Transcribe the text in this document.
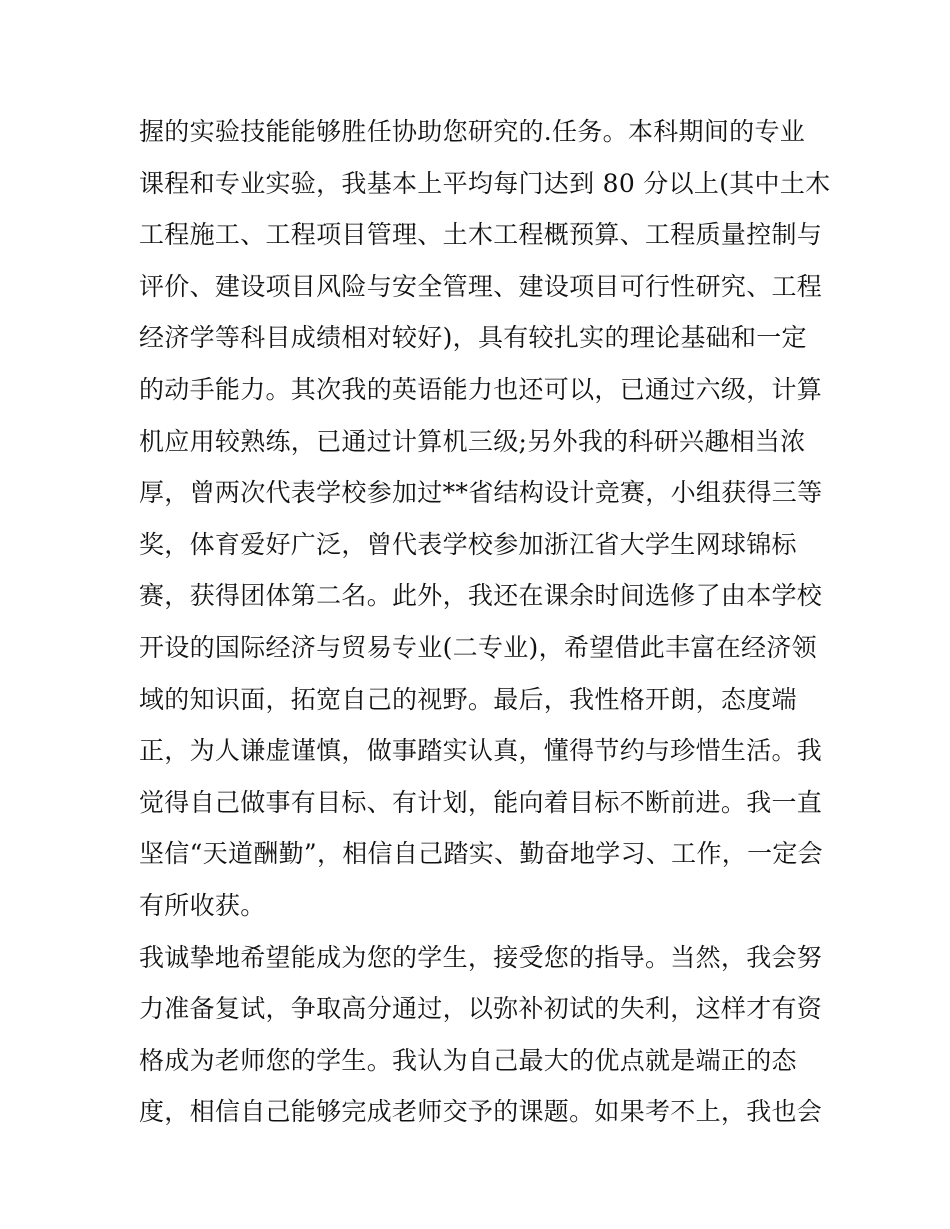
握的实验技能能够胜任协助您研究的.任务。本科期间的专业
课程和专业实验，我基本上平均每门达到 80 分以上(其中土木
工程施工、工程项目管理、土木工程概预算、工程质量控制与
评价、建设项目风险与安全管理、建设项目可行性研究、工程
经济学等科目成绩相对较好)，具有较扎实的理论基础和一定
的动手能力。其次我的英语能力也还可以，已通过六级，计算
机应用较熟练，已通过计算机三级;另外我的科研兴趣相当浓
厚，曾两次代表学校参加过**省结构设计竞赛，小组获得三等
奖，体育爱好广泛，曾代表学校参加浙江省大学生网球锦标
赛，获得团体第二名。此外，我还在课余时间选修了由本学校
开设的国际经济与贸易专业(二专业)，希望借此丰富在经济领
域的知识面，拓宽自己的视野。最后，我性格开朗，态度端
正，为人谦虚谨慎，做事踏实认真，懂得节约与珍惜生活。我
觉得自己做事有目标、有计划，能向着目标不断前进。我一直
坚信“天道酬勤”，相信自己踏实、勤奋地学习、工作，一定会
有所收获。
我诚挚地希望能成为您的学生，接受您的指导。当然，我会努
力准备复试，争取高分通过，以弥补初试的失利，这样才有资
格成为老师您的学生。我认为自己最大的优点就是端正的态
度，相信自己能够完成老师交予的课题。如果考不上，我也会
